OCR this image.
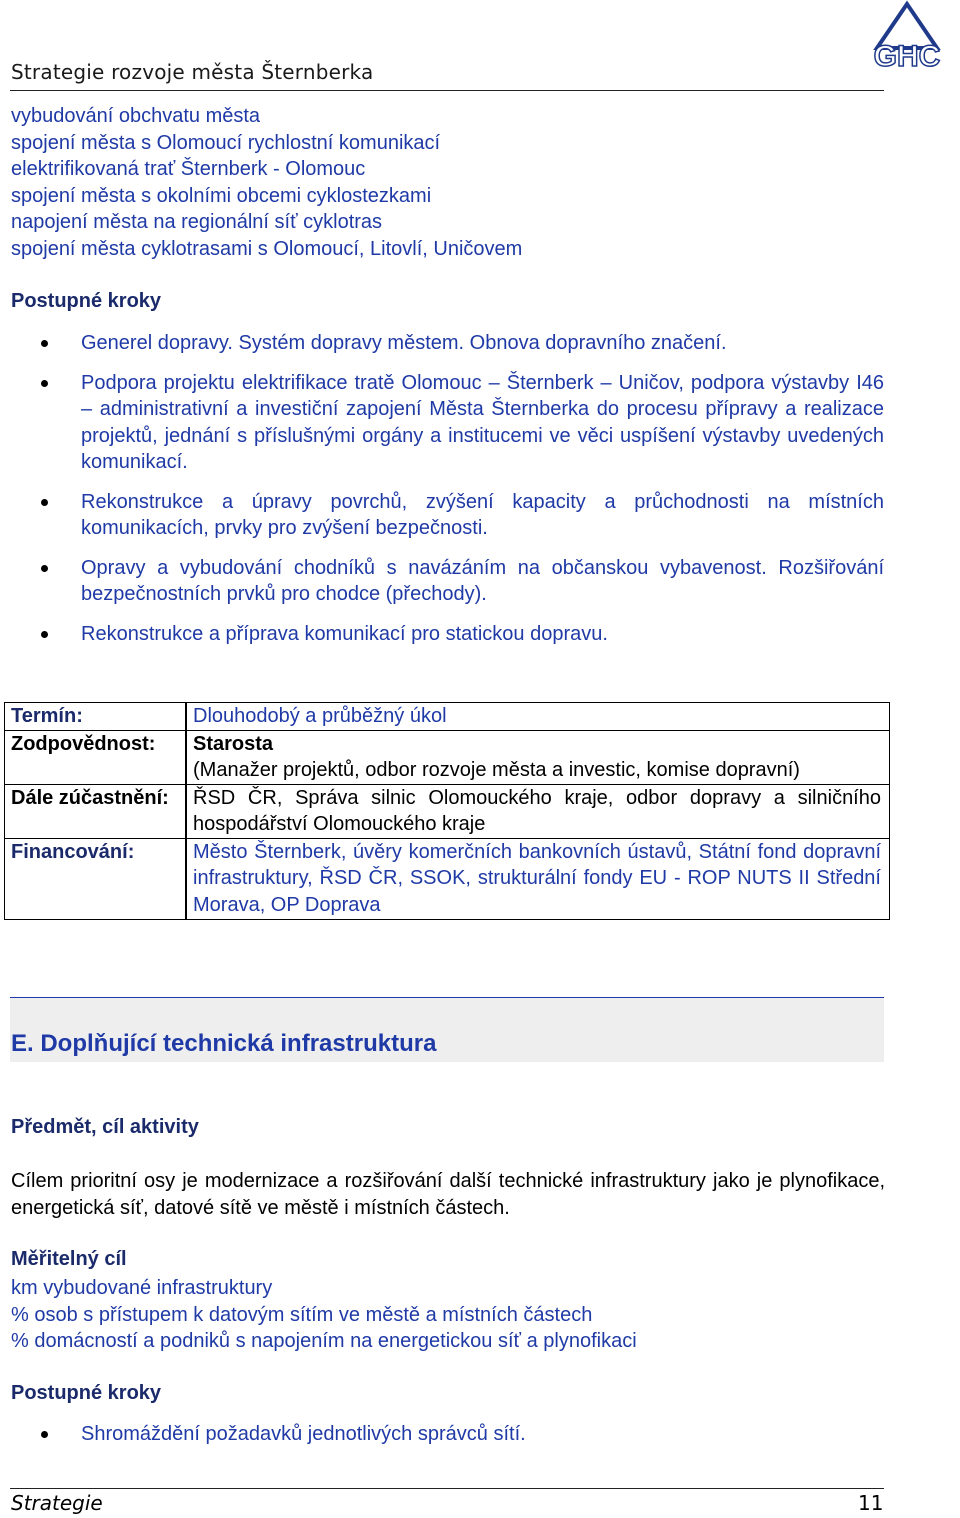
Strategie rozvoje města Šternberka	GHC
vybudování obchvatu města
spojení města s Olomoucí rychlostní komunikací
elektrifikovaná trať Šternberk - Olomouc
spojení města s okolními obcemi cyklostezkami
napojení města na regionální síť cyklotras
spojení města cyklotrasami s Olomoucí, Litovlí, Uničovem
Postupné kroky
Generel dopravy. Systém dopravy městem. Obnova dopravního značení.
Podpora projektu elektrifikace tratě Olomouc – Šternberk – Uničov, podpora výstavby I46 – administrativní a investiční zapojení Města Šternberka do procesu přípravy a realizace projektů, jednání s příslušnými orgány a institucemi ve věci uspíšení výstavby uvedených komunikací.
Rekonstrukce a úpravy povrchů, zvýšení kapacity a průchodnosti na místních komunikacích, prvky pro zvýšení bezpečnosti.
Opravy a vybudování chodníků s navázáním na občanskou vybavenost. Rozšiřování bezpečnostních prvků pro chodce (přechody).
Rekonstrukce a příprava komunikací pro statickou dopravu.
Termín:	Dlouhodobý a průběžný úkol
Zodpovědnost:	Starosta
(Manažer projektů, odbor rozvoje města a investic, komise dopravní)

Dále zúčastnění:	ŘSD ČR, Správa silnic Olomouckého kraje, odbor dopravy a silničního hospodářství Olomouckého kraje
Financování:	Město Šternberk, úvěry komerčních bankovních ústavů, Státní fond dopravní infrastruktury, ŘSD ČR, SSOK, strukturální fondy EU - ROP NUTS II Střední Morava, OP Doprava
E. Doplňující technická infrastruktura
Předmět, cíl aktivity
Cílem prioritní osy je modernizace a rozšiřování další technické infrastruktury jako je plynofikace, energetická síť, datové sítě ve městě i místních částech.
Měřitelný cíl
km vybudované infrastruktury
% osob s přístupem k datovým sítím ve městě a místních částech
% domácností a podniků s napojením na energetickou síť a plynofikaci
Postupné kroky
Shromáždění požadavků jednotlivých správců sítí.
Strategie	11
